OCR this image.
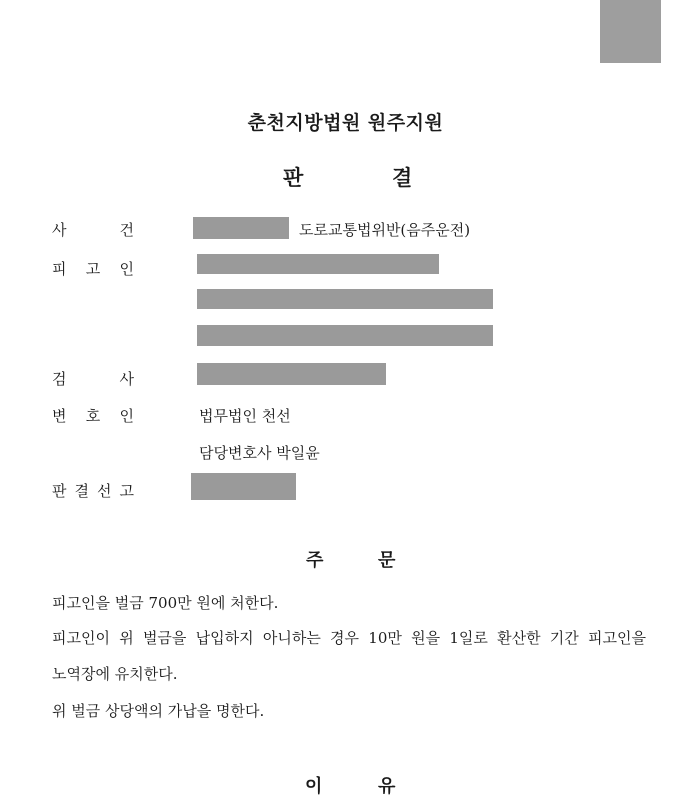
춘천지방법원 원주지원
판	결
사	건	도로교통법위반(음주운전)
피 고 인
검	사
변 호 인	법무법인 천선
담당변호사 박일윤
판 결 선 고
주	문
피고인을 벌금 700만 원에 처한다.
피고인이 위 벌금을 납입하지 아니하는 경우 10만 원을 1일로 환산한 기간 피고인을
노역장에 유치한다.
위 벌금 상당액의 가납을 명한다.
이	유
